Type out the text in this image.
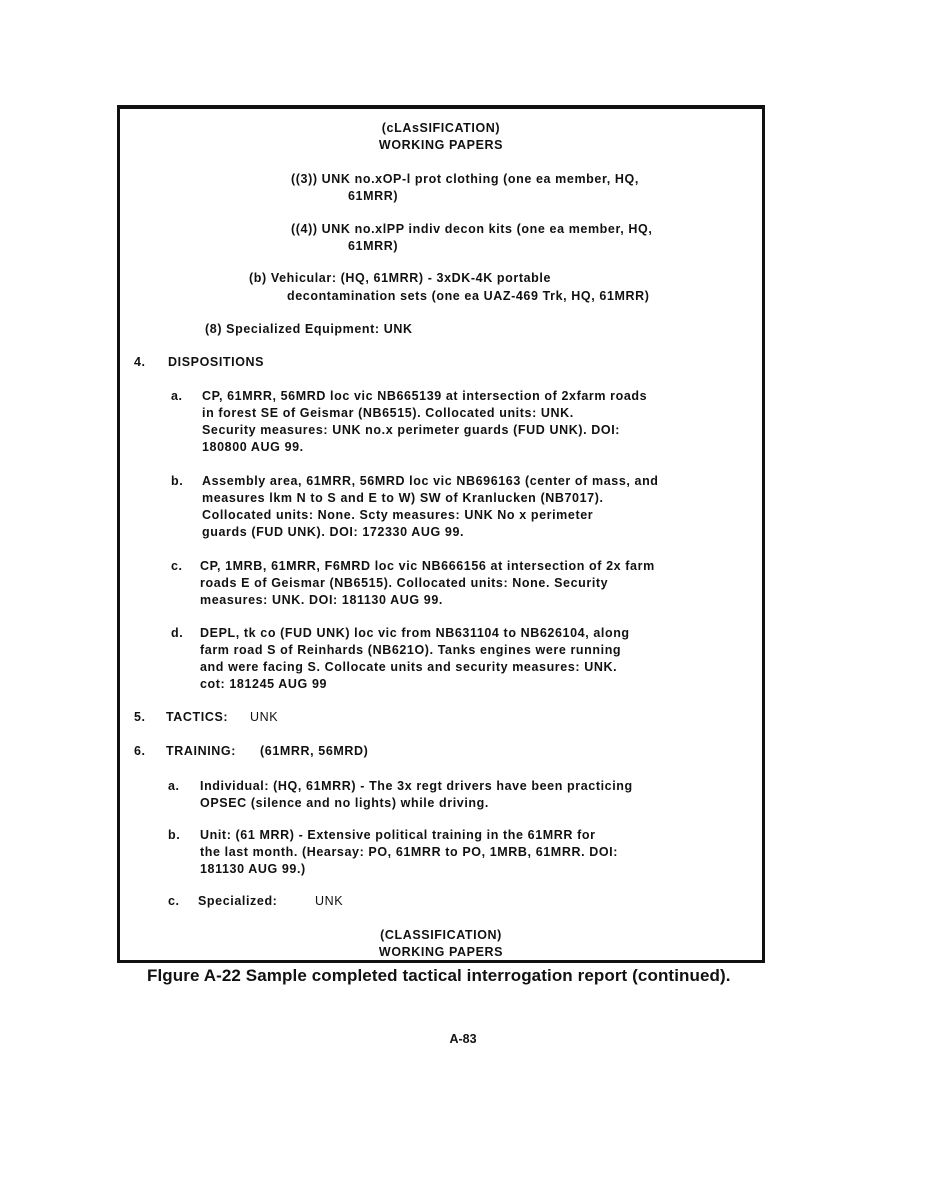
(cLAsSIFICATION)
WORKING PAPERS
((3)) UNK no.xOP-l prot clothing (one ea member, HQ,
61MRR)
((4)) UNK no.xlPP indiv decon kits (one ea member, HQ,
61MRR)
(b) Vehicular: (HQ, 61MRR) - 3xDK-4K portable
decontamination sets (one ea UAZ-469 Trk, HQ, 61MRR)
(8) Specialized Equipment: UNK
4. DISPOSITIONS
a. CP, 61MRR, 56MRD loc vic NB665139 at intersection of 2xfarm roads
in forest SE of Geismar (NB6515). Collocated units: UNK.
Security measures: UNK no.x perimeter guards (FUD UNK). DOI:
180800 AUG 99.
b. Assembly area, 61MRR, 56MRD loc vic NB696163 (center of mass, and
measures lkm N to S and E to W) SW of Kranlucken (NB7017).
Collocated units: None. Scty measures: UNK No x perimeter
guards (FUD UNK). DOI: 172330 AUG 99.
c. CP, 1MRB, 61MRR, F6MRD loc vic NB666156 at intersection of 2x farm
roads E of Geismar (NB6515). Collocated units: None. Security
measures: UNK. DOI: 181130 AUG 99.
d. DEPL, tk co (FUD UNK) loc vic from NB631104 to NB626104, along
farm road S of Reinhards (NB621O). Tanks engines were running
and were facing S. Collocate units and security measures: UNK.
cot: 181245 AUG 99
5. TACTICS: UNK
6. TRAINING: (61MRR, 56MRD)
a. Individual: (HQ, 61MRR) - The 3x regt drivers have been practicing
OPSEC (silence and no lights) while driving.
b. Unit: (61 MRR) - Extensive political training in the 61MRR for
the last month. (Hearsay: PO, 61MRR to PO, 1MRB, 61MRR. DOI:
181130 AUG 99.)
c. Specialized:	UNK
(CLASSIFICATION)
WORKING PAPERS
Flgure A-22 Sample completed tactical interrogation report (continued).
A-83
